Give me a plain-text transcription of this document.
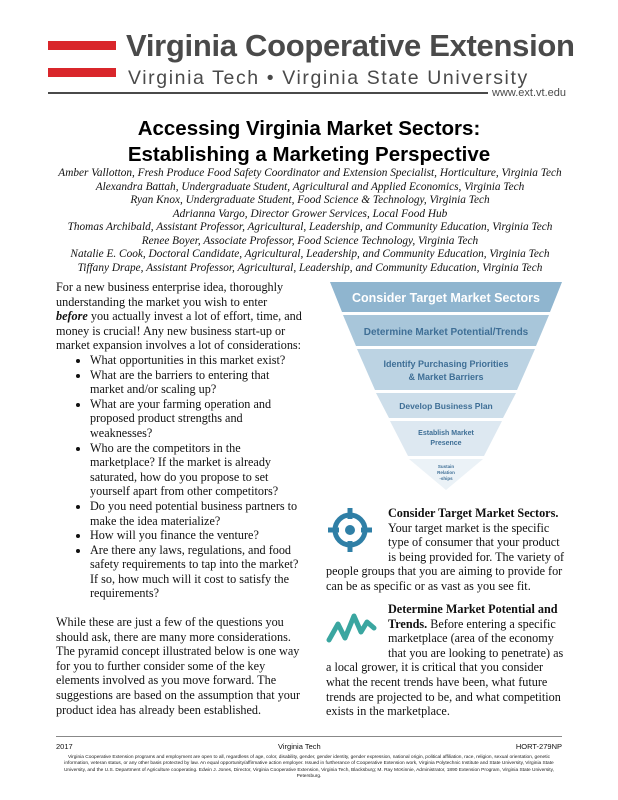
Virginia Cooperative Extension
Virginia Tech • Virginia State University
www.ext.vt.edu
Accessing Virginia Market Sectors:
Establishing a Marketing Perspective
Amber Vallotton, Fresh Produce Food Safety Coordinator and Extension Specialist, Horticulture, Virginia Tech
Alexandra Battah, Undergraduate Student, Agricultural and Applied Economics, Virginia Tech
Ryan Knox, Undergraduate Student, Food Science & Technology, Virginia Tech
Adrianna Vargo, Director Grower Services, Local Food Hub
Thomas Archibald, Assistant Professor, Agricultural, Leadership, and Community Education, Virginia Tech
Renee Boyer, Associate Professor, Food Science Technology, Virginia Tech
Natalie E. Cook, Doctoral Candidate, Agricultural, Leadership, and Community Education, Virginia Tech
Tiffany Drape, Assistant Professor, Agricultural, Leadership, and Community Education, Virginia Tech

For a new business enterprise idea, thoroughly understanding the market you wish to enter before you actually invest a lot of effort, time, and money is crucial! Any new business start-up or market expansion involves a lot of considerations:

• What opportunities in this market exist?
• What are the barriers to entering that market and/or scaling up?
• What are your farming operation and proposed product strengths and weaknesses?
• Who are the competitors in the marketplace? If the market is already saturated, how do you propose to set yourself apart from other competitors?
• Do you need potential business partners to make the idea materialize?
• How will you finance the venture?
• Are there any laws, regulations, and food safety requirements to tap into the market? If so, how much will it cost to satisfy the requirements?

While these are just a few of the questions you should ask, there are many more considerations. The pyramid concept illustrated below is one way for you to further consider some of the key elements involved as you move forward. The suggestions are based on the assumption that your product idea has already been established.

Consider Target Market Sectors
Determine Market Potential/Trends
Identify Purchasing Priorities
& Market Barriers
Develop Business Plan
Establish Market
Presence
Sustain
Relation
-ships

Consider Target Market Sectors. Your target market is the specific type of consumer that your product is being provided for. The variety of people groups that you are aiming to provide for can be as specific or as vast as you see fit.

Determine Market Potential and Trends. Before entering a specific marketplace (area of the economy that you are looking to penetrate) as a local grower, it is critical that you consider what the recent trends have been, what future trends are projected to be, and what competition exists in the marketplace.

2017	Virginia Tech	HORT-279NP
Virginia Cooperative Extension programs and employment are open to all, regardless of age, color, disability, gender, gender identity, gender expression, national origin, political affiliation, race, religion, sexual orientation, genetic information, veteran status, or any other basis protected by law. An equal opportunity/affirmative action employer. Issued in furtherance of Cooperative Extension work, Virginia Polytechnic Institute and State University, Virginia State University, and the U.S. Department of Agriculture cooperating. Edwin J. Jones, Director, Virginia Cooperative Extension, Virginia Tech, Blacksburg; M. Ray McKinnie, Administrator, 1890 Extension Program, Virginia State University, Petersburg.
